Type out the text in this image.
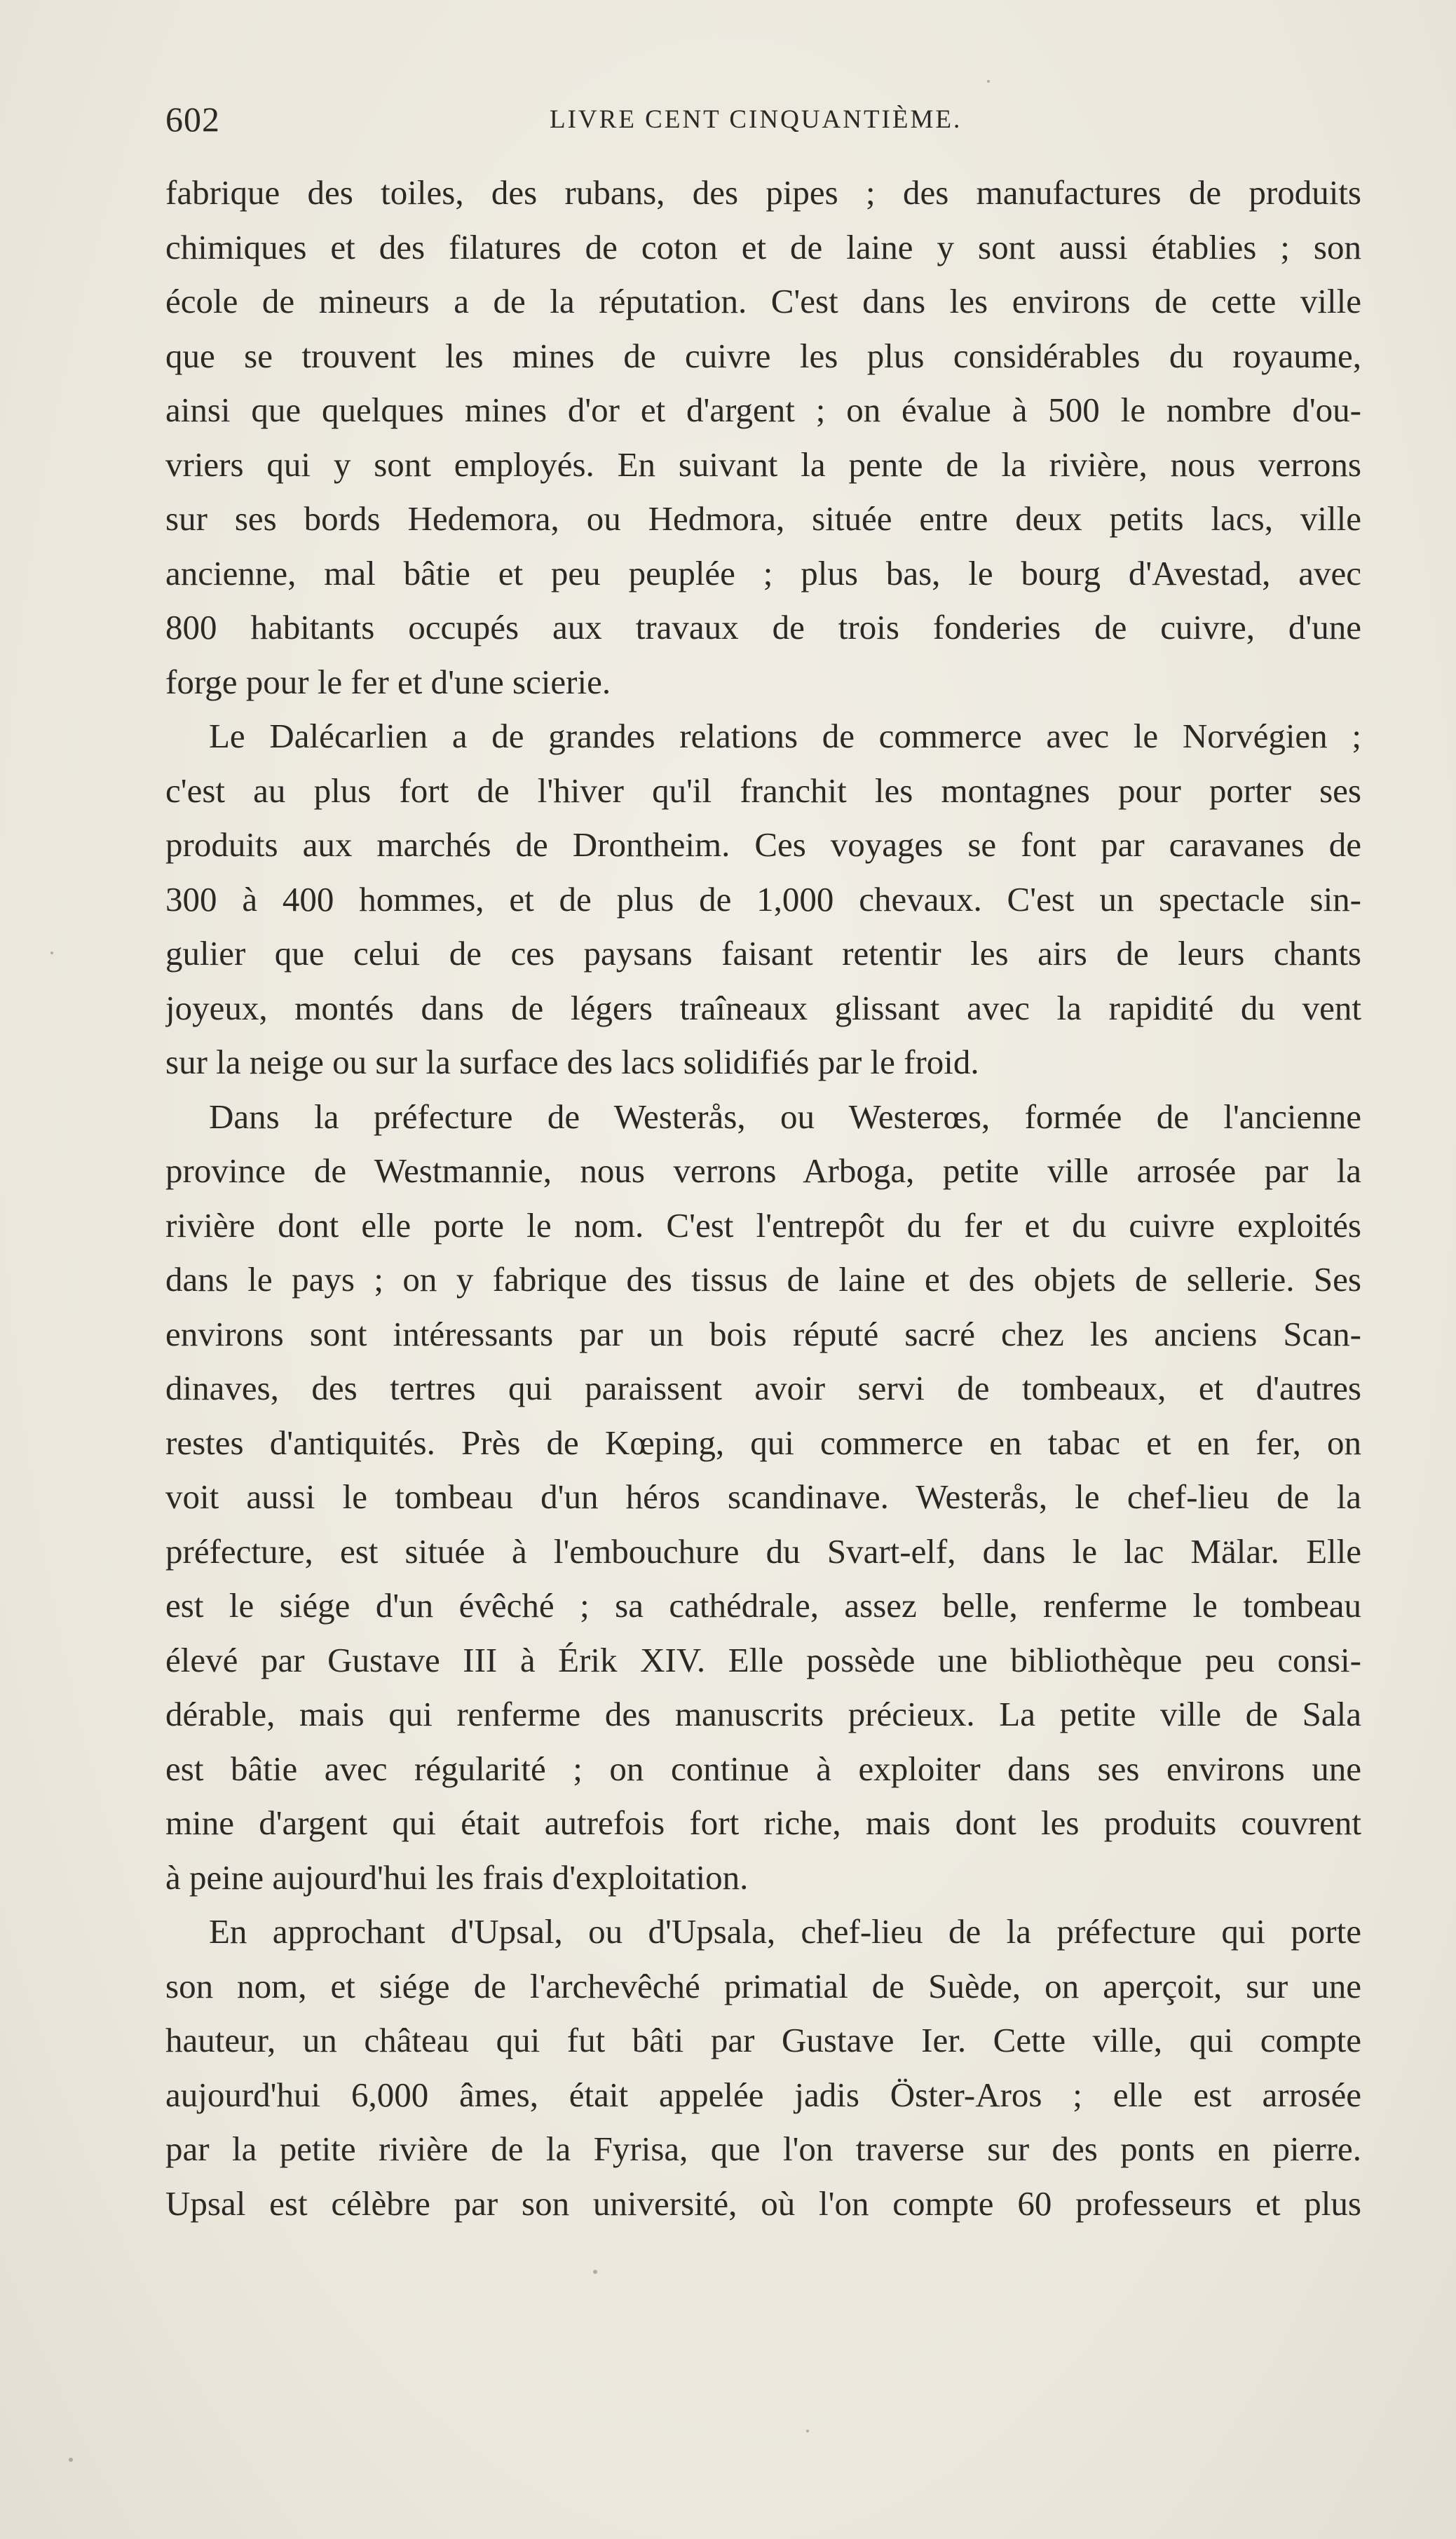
602	LIVRE CENT CINQUANTIÈME.
fabrique des toiles, des rubans, des pipes ; des manufactures de produits
chimiques et des filatures de coton et de laine y sont aussi établies ; son
école de mineurs a de la réputation. C'est dans les environs de cette ville
que se trouvent les mines de cuivre les plus considérables du royaume,
ainsi que quelques mines d'or et d'argent ; on évalue à 500 le nombre d'ou-
vriers qui y sont employés. En suivant la pente de la rivière, nous verrons
sur ses bords Hedemora, ou Hedmora, située entre deux petits lacs, ville
ancienne, mal bâtie et peu peuplée ; plus bas, le bourg d'Avestad, avec
800 habitants occupés aux travaux de trois fonderies de cuivre, d'une
forge pour le fer et d'une scierie.
Le Dalécarlien a de grandes relations de commerce avec le Norvégien ;
c'est au plus fort de l'hiver qu'il franchit les montagnes pour porter ses
produits aux marchés de Drontheim. Ces voyages se font par caravanes de
300 à 400 hommes, et de plus de 1,000 chevaux. C'est un spectacle sin-
gulier que celui de ces paysans faisant retentir les airs de leurs chants
joyeux, montés dans de légers traîneaux glissant avec la rapidité du vent
sur la neige ou sur la surface des lacs solidifiés par le froid.
Dans la préfecture de Westerås, ou Westerœs, formée de l'ancienne
province de Westmannie, nous verrons Arboga, petite ville arrosée par la
rivière dont elle porte le nom. C'est l'entrepôt du fer et du cuivre exploités
dans le pays ; on y fabrique des tissus de laine et des objets de sellerie. Ses
environs sont intéressants par un bois réputé sacré chez les anciens Scan-
dinaves, des tertres qui paraissent avoir servi de tombeaux, et d'autres
restes d'antiquités. Près de Kœping, qui commerce en tabac et en fer, on
voit aussi le tombeau d'un héros scandinave. Westerås, le chef-lieu de la
préfecture, est située à l'embouchure du Svart-elf, dans le lac Mälar. Elle
est le siége d'un évêché ; sa cathédrale, assez belle, renferme le tombeau
élevé par Gustave III à Érik XIV. Elle possède une bibliothèque peu consi-
dérable, mais qui renferme des manuscrits précieux. La petite ville de Sala
est bâtie avec régularité ; on continue à exploiter dans ses environs une
mine d'argent qui était autrefois fort riche, mais dont les produits couvrent
à peine aujourd'hui les frais d'exploitation.
En approchant d'Upsal, ou d'Upsala, chef-lieu de la préfecture qui porte
son nom, et siége de l'archevêché primatial de Suède, on aperçoit, sur une
hauteur, un château qui fut bâti par Gustave Ier. Cette ville, qui compte
aujourd'hui 6,000 âmes, était appelée jadis Öster-Aros ; elle est arrosée
par la petite rivière de la Fyrisa, que l'on traverse sur des ponts en pierre.
Upsal est célèbre par son université, où l'on compte 60 professeurs et plus
